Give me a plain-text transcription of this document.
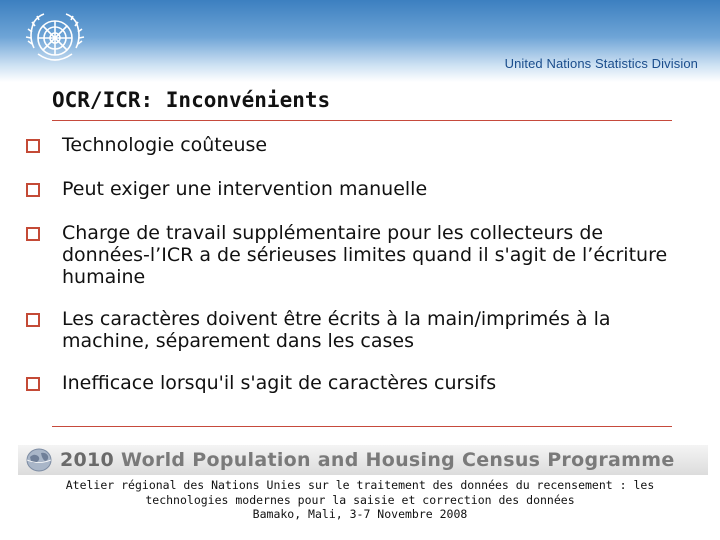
United Nations Statistics Division
OCR/ICR: Inconvénients
Technologie coûteuse
Peut exiger une intervention manuelle
Charge de travail supplémentaire pour les collecteurs de données-l’ICR a de sérieuses limites quand il s'agit de l’écriture humaine
Les caractères doivent être écrits à la main/imprimés à la machine, séparement dans les cases
Inefficace lorsqu'il s'agit de caractères cursifs
2010 World Population and Housing Census Programme
Atelier régional des Nations Unies sur le traitement des données du recensement : les
technologies modernes pour la saisie et correction des données
Bamako, Mali, 3-7 Novembre 2008
